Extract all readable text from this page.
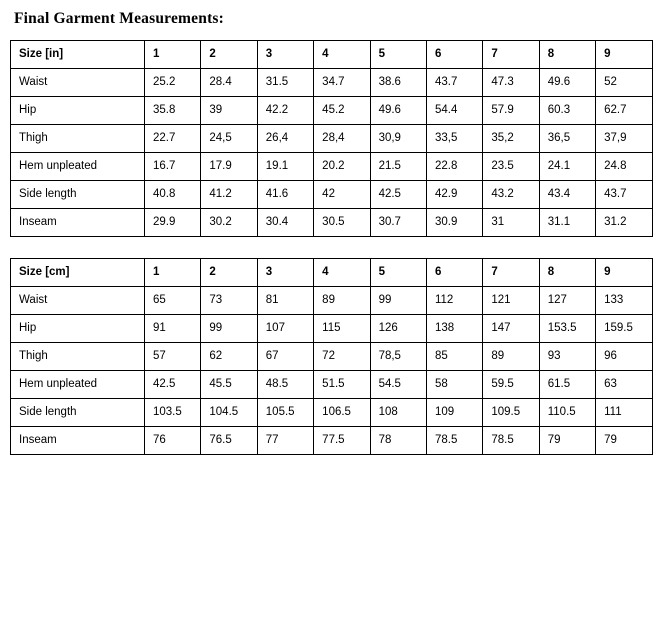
Final Garment Measurements:
Size [in]	1	2	3	4	5	6	7	8	9
Waist	25.2	28.4	31.5	34.7	38.6	43.7	47.3	49.6	52
Hip	35.8	39	42.2	45.2	49.6	54.4	57.9	60.3	62.7
Thigh	22.7	24,5	26,4	28,4	30,9	33,5	35,2	36,5	37,9
Hem unpleated	16.7	17.9	19.1	20.2	21.5	22.8	23.5	24.1	24.8
Side length	40.8	41.2	41.6	42	42.5	42.9	43.2	43.4	43.7
Inseam	29.9	30.2	30.4	30.5	30.7	30.9	31	31.1	31.2
Size [cm]	1	2	3	4	5	6	7	8	9
Waist	65	73	81	89	99	112	121	127	133
Hip	91	99	107	115	126	138	147	153.5	159.5
Thigh	57	62	67	72	78,5	85	89	93	96
Hem unpleated	42.5	45.5	48.5	51.5	54.5	58	59.5	61.5	63
Side length	103.5	104.5	105.5	106.5	108	109	109.5	110.5	111
Inseam	76	76.5	77	77.5	78	78.5	78.5	79	79
